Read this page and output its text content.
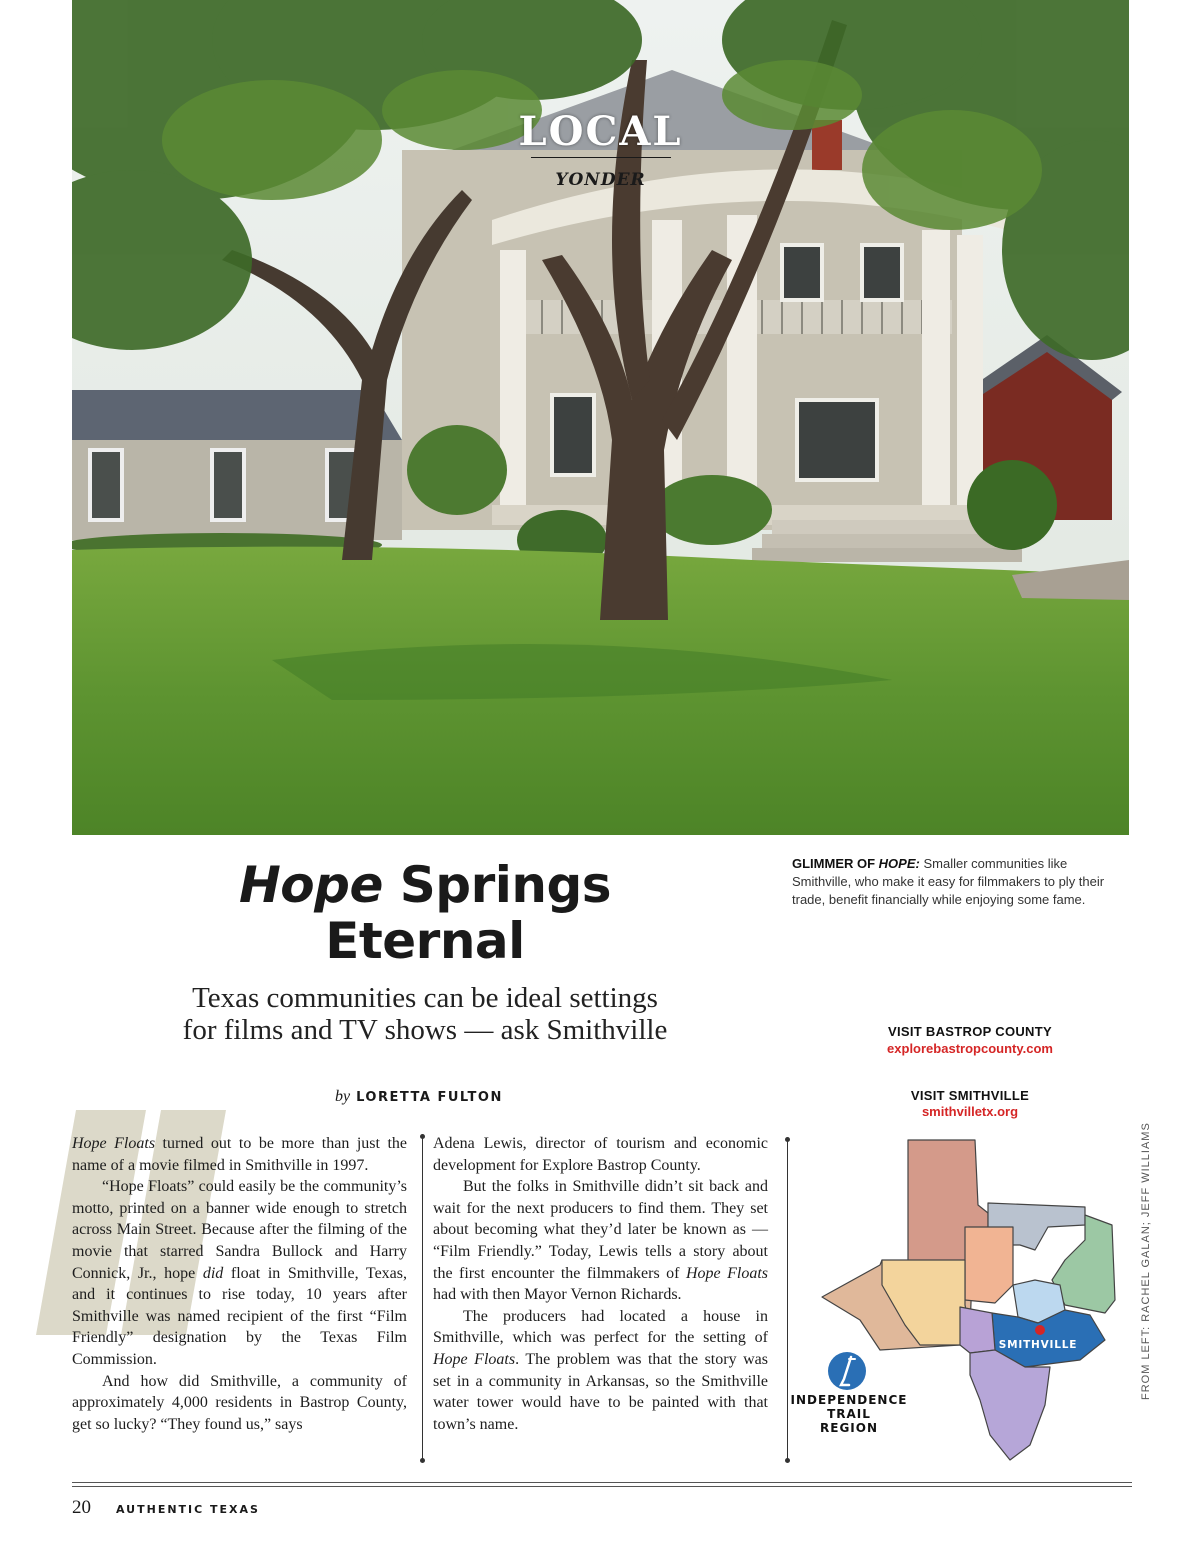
LOCAL
YONDER
Hope Springs
Eternal
Texas communities can be ideal settings
for films and TV shows — ask Smithville
GLIMMER OF HOPE: Smaller communities like Smithville, who make it easy for filmmakers to ply their trade, benefit financially while enjoying some fame.
by LORETTA FULTON

Hope Floats turned out to be more than just the name of a movie filmed in Smithville in 1997.

“Hope Floats” could easily be the community’s motto, printed on a banner wide enough to stretch across Main Street. Because after the filming of the movie that starred Sandra Bullock and Harry Connick, Jr., hope did float in Smithville, Texas, and it continues to rise today, 10 years after Smithville was named recipient of the first “Film Friendly” designation by the Texas Film Commission.

And how did Smithville, a community of approximately 4,000 residents in Bastrop County, get so lucky? “They found us,” says

Adena Lewis, director of tourism and economic development for Explore Bastrop County.

But the folks in Smithville didn’t sit back and wait for the next producers to find them. They set about becoming what they’d later be known as — “Film Friendly.” Today, Lewis tells a story about the first encounter the filmmakers of Hope Floats had with then Mayor Vernon Richards.

The producers had located a house in Smithville, which was perfect for the setting of Hope Floats. The problem was that the story was set in a community in Arkansas, so the Smithville water tower would have to be painted with that town’s name.

VISIT BASTROP COUNTY
explorebastropcounty.com
VISIT SMITHVILLE
smithvilletx.org
SMITHVILLE
INDEPENDENCE
TRAIL
REGION
FROM LEFT: RACHEL GALAN; JEFF WILLIAMS
20 AUTHENTIC TEXAS
